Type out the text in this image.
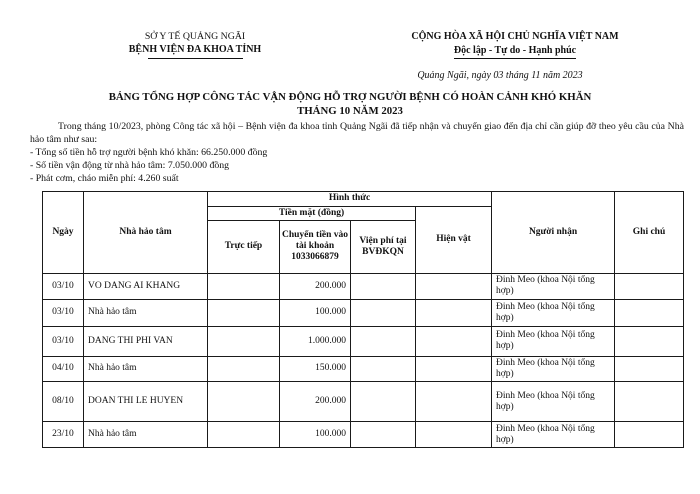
SỞ Y TẾ QUẢNG NGÃI
BỆNH VIỆN ĐA KHOA TỈNH
CỘNG HÒA XÃ HỘI CHỦ NGHĨA VIỆT NAM
Độc lập - Tự do - Hạnh phúc
Quảng Ngãi, ngày 03 tháng 11 năm 2023
BẢNG TỔNG HỢP CÔNG TÁC VẬN ĐỘNG HỖ TRỢ NGƯỜI BỆNH CÓ HOÀN CẢNH KHÓ KHĂN
THÁNG 10 NĂM 2023

Trong tháng 10/2023, phòng Công tác xã hội – Bệnh viện đa khoa tỉnh Quảng Ngãi đã tiếp nhận và chuyển giao đến địa chỉ cần giúp đỡ theo yêu cầu của Nhà hảo tâm như sau:

- Tổng số tiền hỗ trợ người bệnh khó khăn: 66.250.000 đồng
- Số tiền vận động từ nhà hảo tâm: 7.050.000 đồng
- Phát cơm, cháo miễn phí: 4.260 suất
Ngày	Nhà hảo tâm	Hình thức				Người nhận	Ghi chú
		Tiền mặt (đồng)			Hiện vật		
		Trực tiếp	Chuyển tiền vào tài khoản 1033066879	Viện phí tại BVĐKQN			
03/10	VO DANG AI KHANG		200.000			Đinh Meo (khoa Nội tổng hợp)	
03/10	Nhà hảo tâm		100.000			Đinh Meo (khoa Nội tổng hợp)	
03/10	DANG THI PHI VAN		1.000.000			Đinh Meo (khoa Nội tổng hợp)	
04/10	Nhà hảo tâm		150.000			Đinh Meo (khoa Nội tổng hợp)	
08/10	DOAN THI LE HUYEN		200.000			Đinh Meo (khoa Nội tổng hợp)	
23/10	Nhà hảo tâm		100.000			Đinh Meo (khoa Nội tổng hợp)	
